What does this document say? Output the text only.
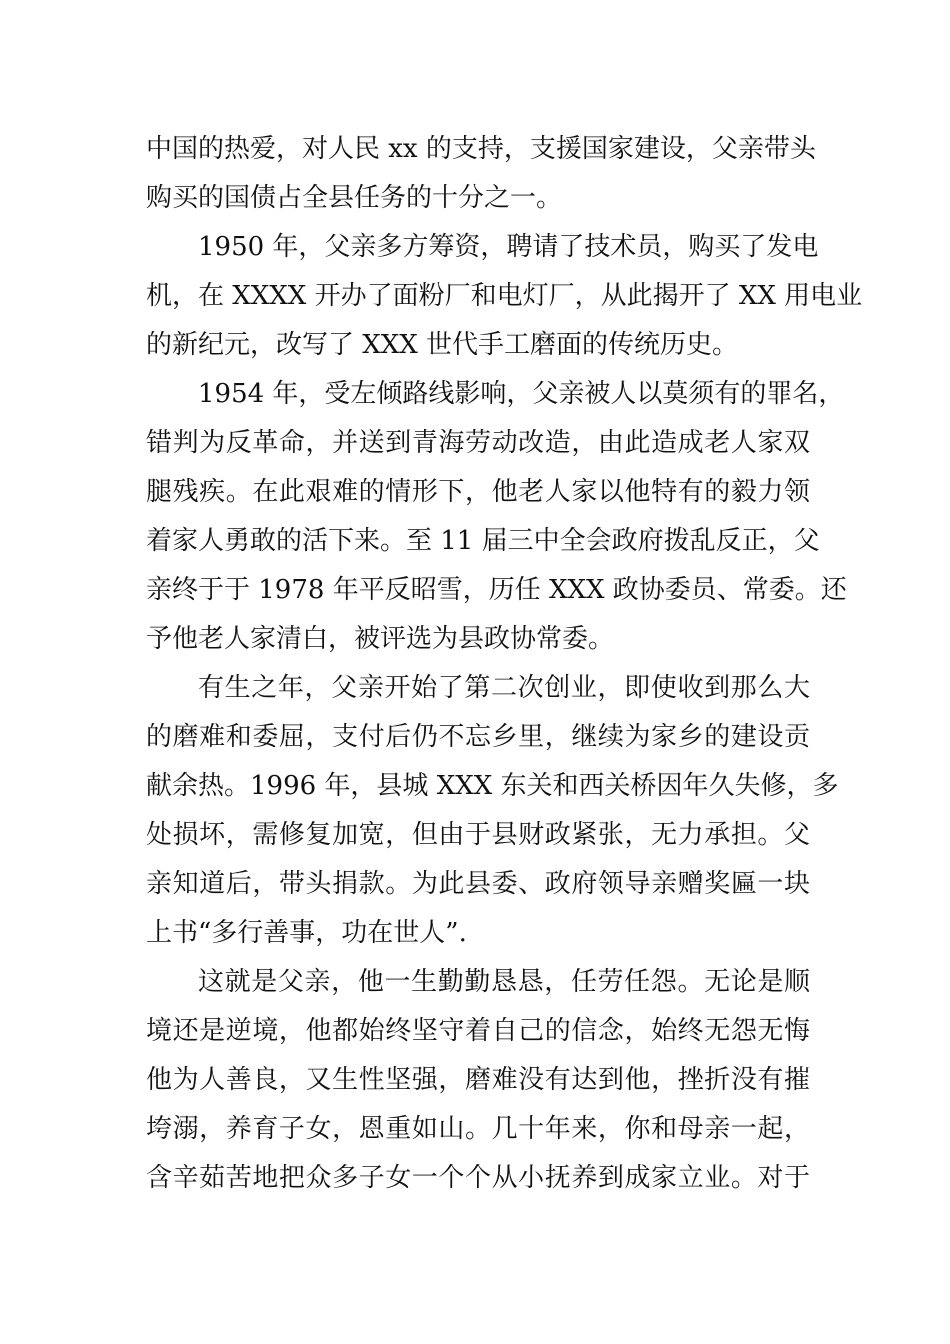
中国的热爱，对人民 xx 的支持，支援国家建设，父亲带头
购买的国债占全县任务的十分之一。
1950 年，父亲多方筹资，聘请了技术员，购买了发电
机，在 XXXX 开办了面粉厂和电灯厂，从此揭开了 XX 用电业
的新纪元，改写了 XXX 世代手工磨面的传统历史。
1954 年，受左倾路线影响，父亲被人以莫须有的罪名，
错判为反革命，并送到青海劳动改造，由此造成老人家双
腿残疾。在此艰难的情形下，他老人家以他特有的毅力领
着家人勇敢的活下来。至 11 届三中全会政府拨乱反正，父
亲终于于 1978 年平反昭雪，历任 XXX 政协委员、常委。还
予他老人家清白，被评选为县政协常委。
有生之年，父亲开始了第二次创业，即使收到那么大
的磨难和委屈，支付后仍不忘乡里，继续为家乡的建设贡
献余热。1996 年，县城 XXX 东关和西关桥因年久失修，多
处损坏，需修复加宽，但由于县财政紧张，无力承担。父
亲知道后，带头捐款。为此县委、政府领导亲赠奖匾一块
上书“多行善事，功在世人”.
这就是父亲，他一生勤勤恳恳，任劳任怨。无论是顺
境还是逆境，他都始终坚守着自己的信念，始终无怨无悔
他为人善良，又生性坚强，磨难没有达到他，挫折没有摧
垮溺，养育子女，恩重如山。几十年来，你和母亲一起，
含辛茹苦地把众多子女一个个从小抚养到成家立业。对于
